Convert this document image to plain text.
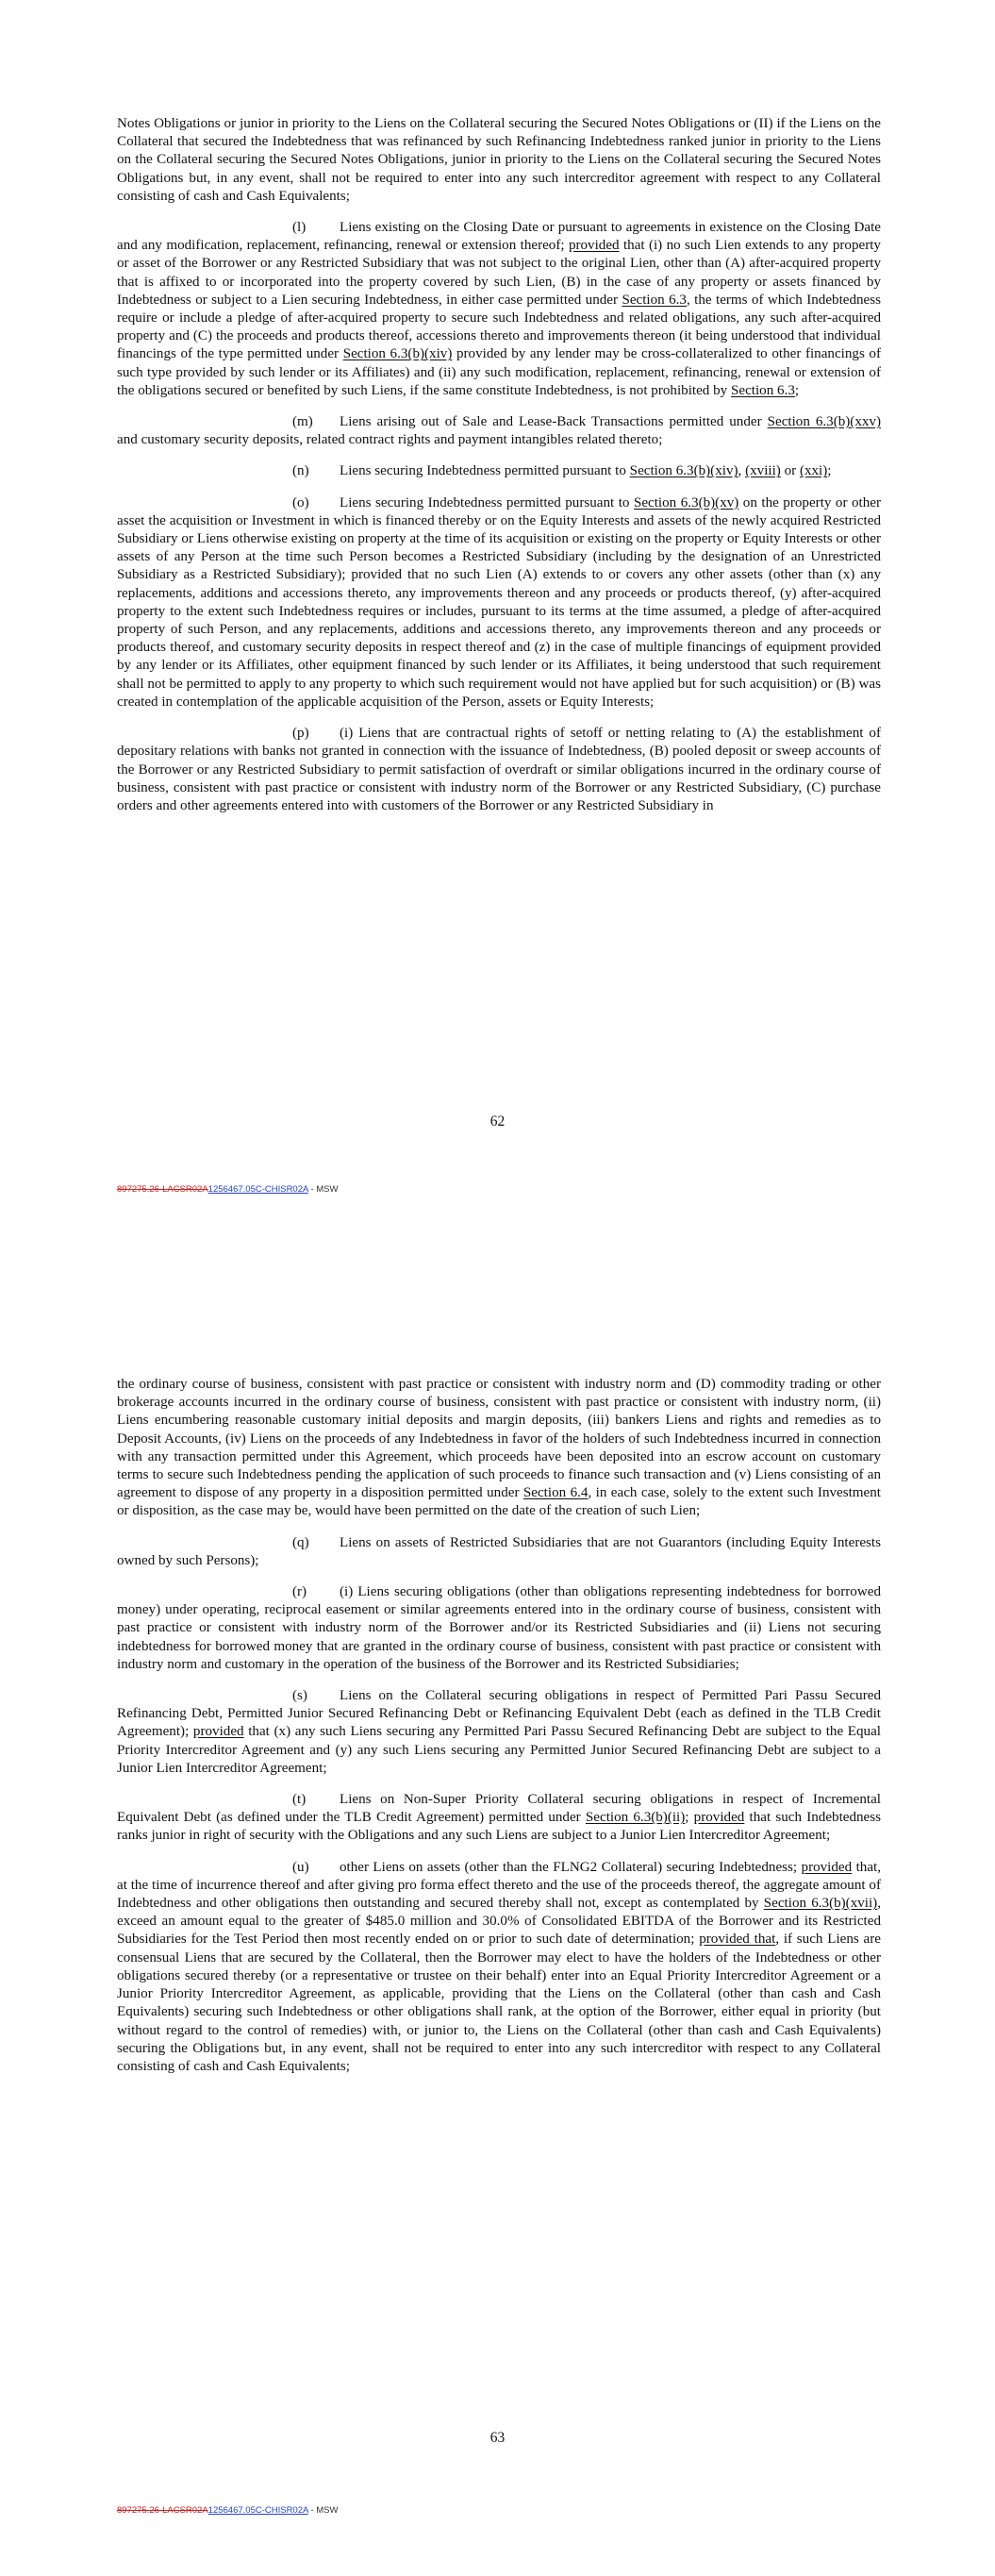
Notes Obligations or junior in priority to the Liens on the Collateral securing the Secured Notes Obligations or (II) if the Liens on the Collateral that secured the Indebtedness that was refinanced by such Refinancing Indebtedness ranked junior in priority to the Liens on the Collateral securing the Secured Notes Obligations, junior in priority to the Liens on the Collateral securing the Secured Notes Obligations but, in any event, shall not be required to enter into any such intercreditor agreement with respect to any Collateral consisting of cash and Cash Equivalents;

(l) Liens existing on the Closing Date or pursuant to agreements in existence on the Closing Date and any modification, replacement, refinancing, renewal or extension thereof; provided that (i) no such Lien extends to any property or asset of the Borrower or any Restricted Subsidiary that was not subject to the original Lien, other than (A) after-acquired property that is affixed to or incorporated into the property covered by such Lien, (B) in the case of any property or assets financed by Indebtedness or subject to a Lien securing Indebtedness, in either case permitted under Section 6.3, the terms of which Indebtedness require or include a pledge of after-acquired property to secure such Indebtedness and related obligations, any such after-acquired property and (C) the proceeds and products thereof, accessions thereto and improvements thereon (it being understood that individual financings of the type permitted under Section 6.3(b)(xiv) provided by any lender may be cross-collateralized to other financings of such type provided by such lender or its Affiliates) and (ii) any such modification, replacement, refinancing, renewal or extension of the obligations secured or benefited by such Liens, if the same constitute Indebtedness, is not prohibited by Section 6.3;

(m) Liens arising out of Sale and Lease-Back Transactions permitted under Section 6.3(b)(xxv) and customary security deposits, related contract rights and payment intangibles related thereto;

(n) Liens securing Indebtedness permitted pursuant to Section 6.3(b)(xiv), (xviii) or (xxi);

(o) Liens securing Indebtedness permitted pursuant to Section 6.3(b)(xv) on the property or other asset the acquisition or Investment in which is financed thereby or on the Equity Interests and assets of the newly acquired Restricted Subsidiary or Liens otherwise existing on property at the time of its acquisition or existing on the property or Equity Interests or other assets of any Person at the time such Person becomes a Restricted Subsidiary (including by the designation of an Unrestricted Subsidiary as a Restricted Subsidiary); provided that no such Lien (A) extends to or covers any other assets (other than (x) any replacements, additions and accessions thereto, any improvements thereon and any proceeds or products thereof, (y) after-acquired property to the extent such Indebtedness requires or includes, pursuant to its terms at the time assumed, a pledge of after-acquired property of such Person, and any replacements, additions and accessions thereto, any improvements thereon and any proceeds or products thereof, and customary security deposits in respect thereof and (z) in the case of multiple financings of equipment provided by any lender or its Affiliates, other equipment financed by such lender or its Affiliates, it being understood that such requirement shall not be permitted to apply to any property to which such requirement would not have applied but for such acquisition) or (B) was created in contemplation of the applicable acquisition of the Person, assets or Equity Interests;

(p) (i) Liens that are contractual rights of setoff or netting relating to (A) the establishment of depositary relations with banks not granted in connection with the issuance of Indebtedness, (B) pooled deposit or sweep accounts of the Borrower or any Restricted Subsidiary to permit satisfaction of overdraft or similar obligations incurred in the ordinary course of business, consistent with past practice or consistent with industry norm of the Borrower or any Restricted Subsidiary, (C) purchase orders and other agreements entered into with customers of the Borrower or any Restricted Subsidiary in

62
897275.26-LACSR02A1256467.05C-CHISR02A - MSW

the ordinary course of business, consistent with past practice or consistent with industry norm and (D) commodity trading or other brokerage accounts incurred in the ordinary course of business, consistent with past practice or consistent with industry norm, (ii) Liens encumbering reasonable customary initial deposits and margin deposits, (iii) bankers Liens and rights and remedies as to Deposit Accounts, (iv) Liens on the proceeds of any Indebtedness in favor of the holders of such Indebtedness incurred in connection with any transaction permitted under this Agreement, which proceeds have been deposited into an escrow account on customary terms to secure such Indebtedness pending the application of such proceeds to finance such transaction and (v) Liens consisting of an agreement to dispose of any property in a disposition permitted under Section 6.4, in each case, solely to the extent such Investment or disposition, as the case may be, would have been permitted on the date of the creation of such Lien;

(q) Liens on assets of Restricted Subsidiaries that are not Guarantors (including Equity Interests owned by such Persons);

(r) (i) Liens securing obligations (other than obligations representing indebtedness for borrowed money) under operating, reciprocal easement or similar agreements entered into in the ordinary course of business, consistent with past practice or consistent with industry norm of the Borrower and/or its Restricted Subsidiaries and (ii) Liens not securing indebtedness for borrowed money that are granted in the ordinary course of business, consistent with past practice or consistent with industry norm and customary in the operation of the business of the Borrower and its Restricted Subsidiaries;

(s) Liens on the Collateral securing obligations in respect of Permitted Pari Passu Secured Refinancing Debt, Permitted Junior Secured Refinancing Debt or Refinancing Equivalent Debt (each as defined in the TLB Credit Agreement); provided that (x) any such Liens securing any Permitted Pari Passu Secured Refinancing Debt are subject to the Equal Priority Intercreditor Agreement and (y) any such Liens securing any Permitted Junior Secured Refinancing Debt are subject to a Junior Lien Intercreditor Agreement;

(t) Liens on Non-Super Priority Collateral securing obligations in respect of Incremental Equivalent Debt (as defined under the TLB Credit Agreement) permitted under Section 6.3(b)(ii); provided that such Indebtedness ranks junior in right of security with the Obligations and any such Liens are subject to a Junior Lien Intercreditor Agreement;

(u) other Liens on assets (other than the FLNG2 Collateral) securing Indebtedness; provided that, at the time of incurrence thereof and after giving pro forma effect thereto and the use of the proceeds thereof, the aggregate amount of Indebtedness and other obligations then outstanding and secured thereby shall not, except as contemplated by Section 6.3(b)(xvii), exceed an amount equal to the greater of $485.0 million and 30.0% of Consolidated EBITDA of the Borrower and its Restricted Subsidiaries for the Test Period then most recently ended on or prior to such date of determination; provided that, if such Liens are consensual Liens that are secured by the Collateral, then the Borrower may elect to have the holders of the Indebtedness or other obligations secured thereby (or a representative or trustee on their behalf) enter into an Equal Priority Intercreditor Agreement or a Junior Priority Intercreditor Agreement, as applicable, providing that the Liens on the Collateral (other than cash and Cash Equivalents) securing such Indebtedness or other obligations shall rank, at the option of the Borrower, either equal in priority (but without regard to the control of remedies) with, or junior to, the Liens on the Collateral (other than cash and Cash Equivalents) securing the Obligations but, in any event, shall not be required to enter into any such intercreditor with respect to any Collateral consisting of cash and Cash Equivalents;

63
897275.26-LACSR02A1256467.05C-CHISR02A - MSW
